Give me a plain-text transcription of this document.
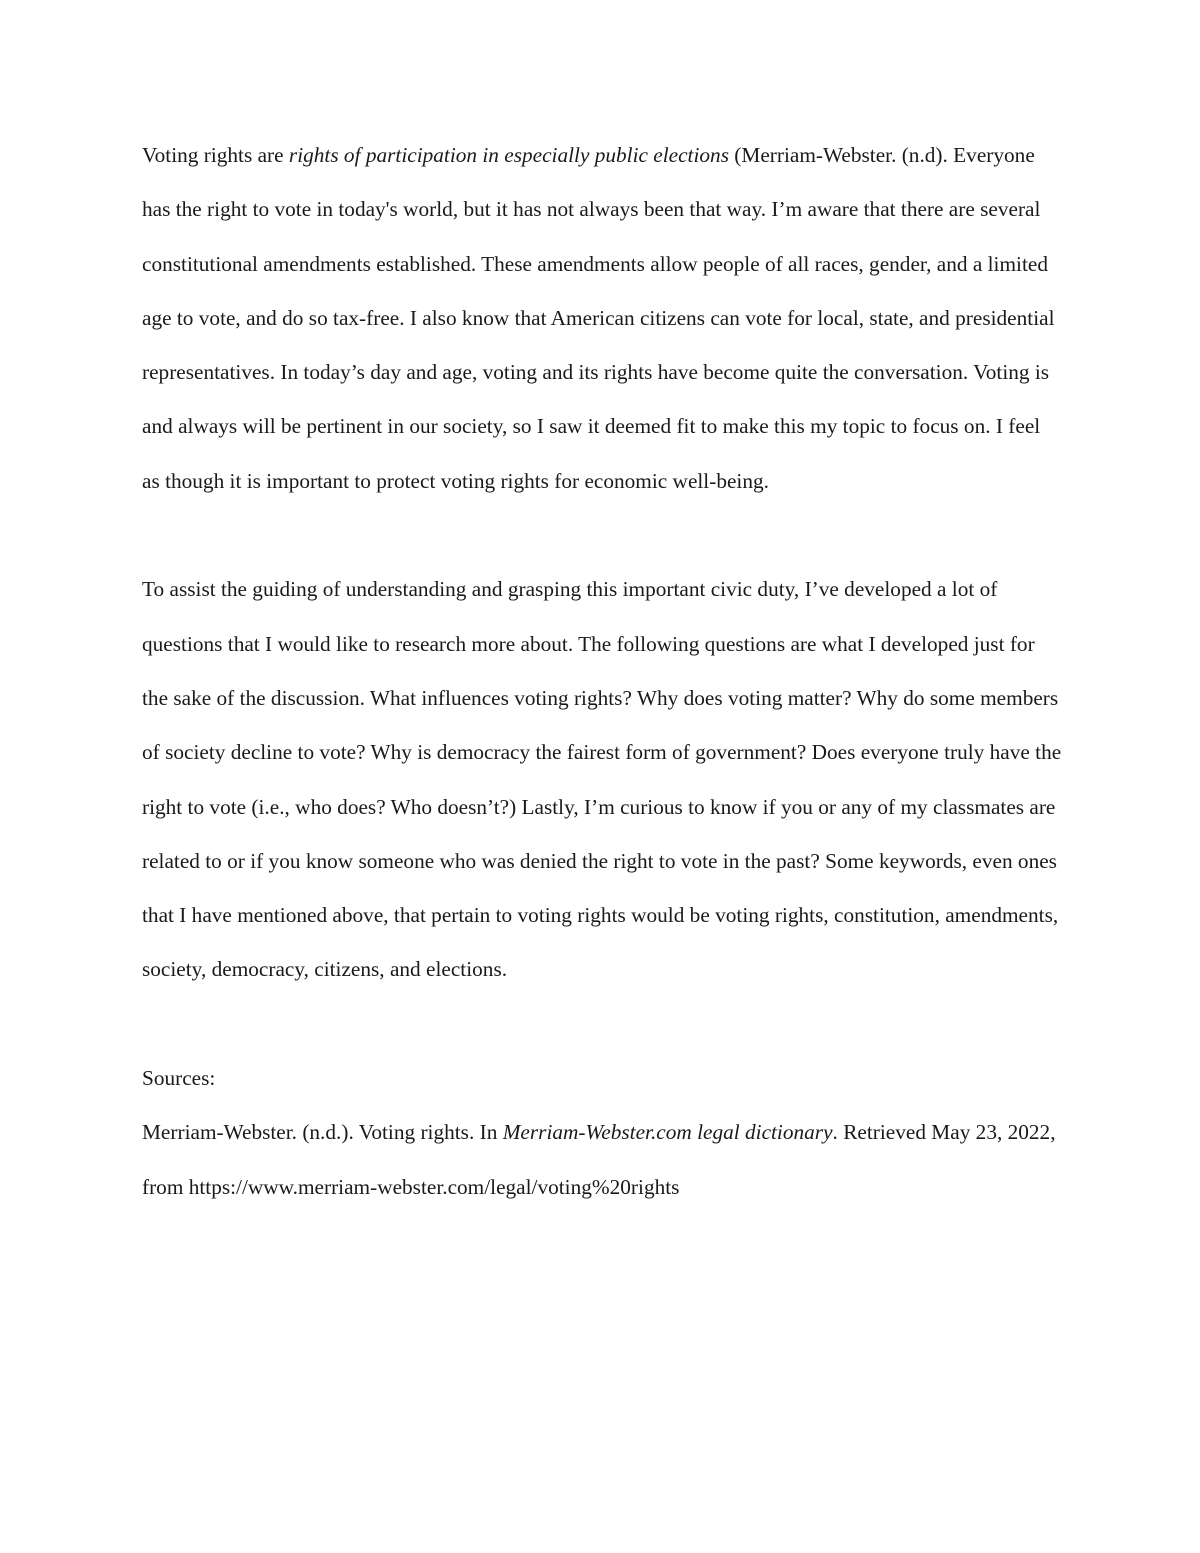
Voting rights are rights of participation in especially public elections (Merriam-Webster. (n.d). Everyone has the right to vote in today's world, but it has not always been that way. I’m aware that there are several constitutional amendments established. These amendments allow people of all races, gender, and a limited age to vote, and do so tax-free. I also know that American citizens can vote for local, state, and presidential representatives. In today’s day and age, voting and its rights have become quite the conversation. Voting is and always will be pertinent in our society, so I saw it deemed fit to make this my topic to focus on. I feel as though it is important to protect voting rights for economic well-being.

To assist the guiding of understanding and grasping this important civic duty, I’ve developed a lot of questions that I would like to research more about. The following questions are what I developed just for the sake of the discussion. What influences voting rights? Why does voting matter? Why do some members of society decline to vote? Why is democracy the fairest form of government? Does everyone truly have the right to vote (i.e., who does? Who doesn’t?) Lastly, I’m curious to know if you or any of my classmates are related to or if you know someone who was denied the right to vote in the past? Some keywords, even ones that I have mentioned above, that pertain to voting rights would be voting rights, constitution, amendments, society, democracy, citizens, and elections.

Sources:

Merriam-Webster. (n.d.). Voting rights. In Merriam-Webster.com legal dictionary. Retrieved May 23, 2022, from https://www.merriam-webster.com/legal/voting%20rights
